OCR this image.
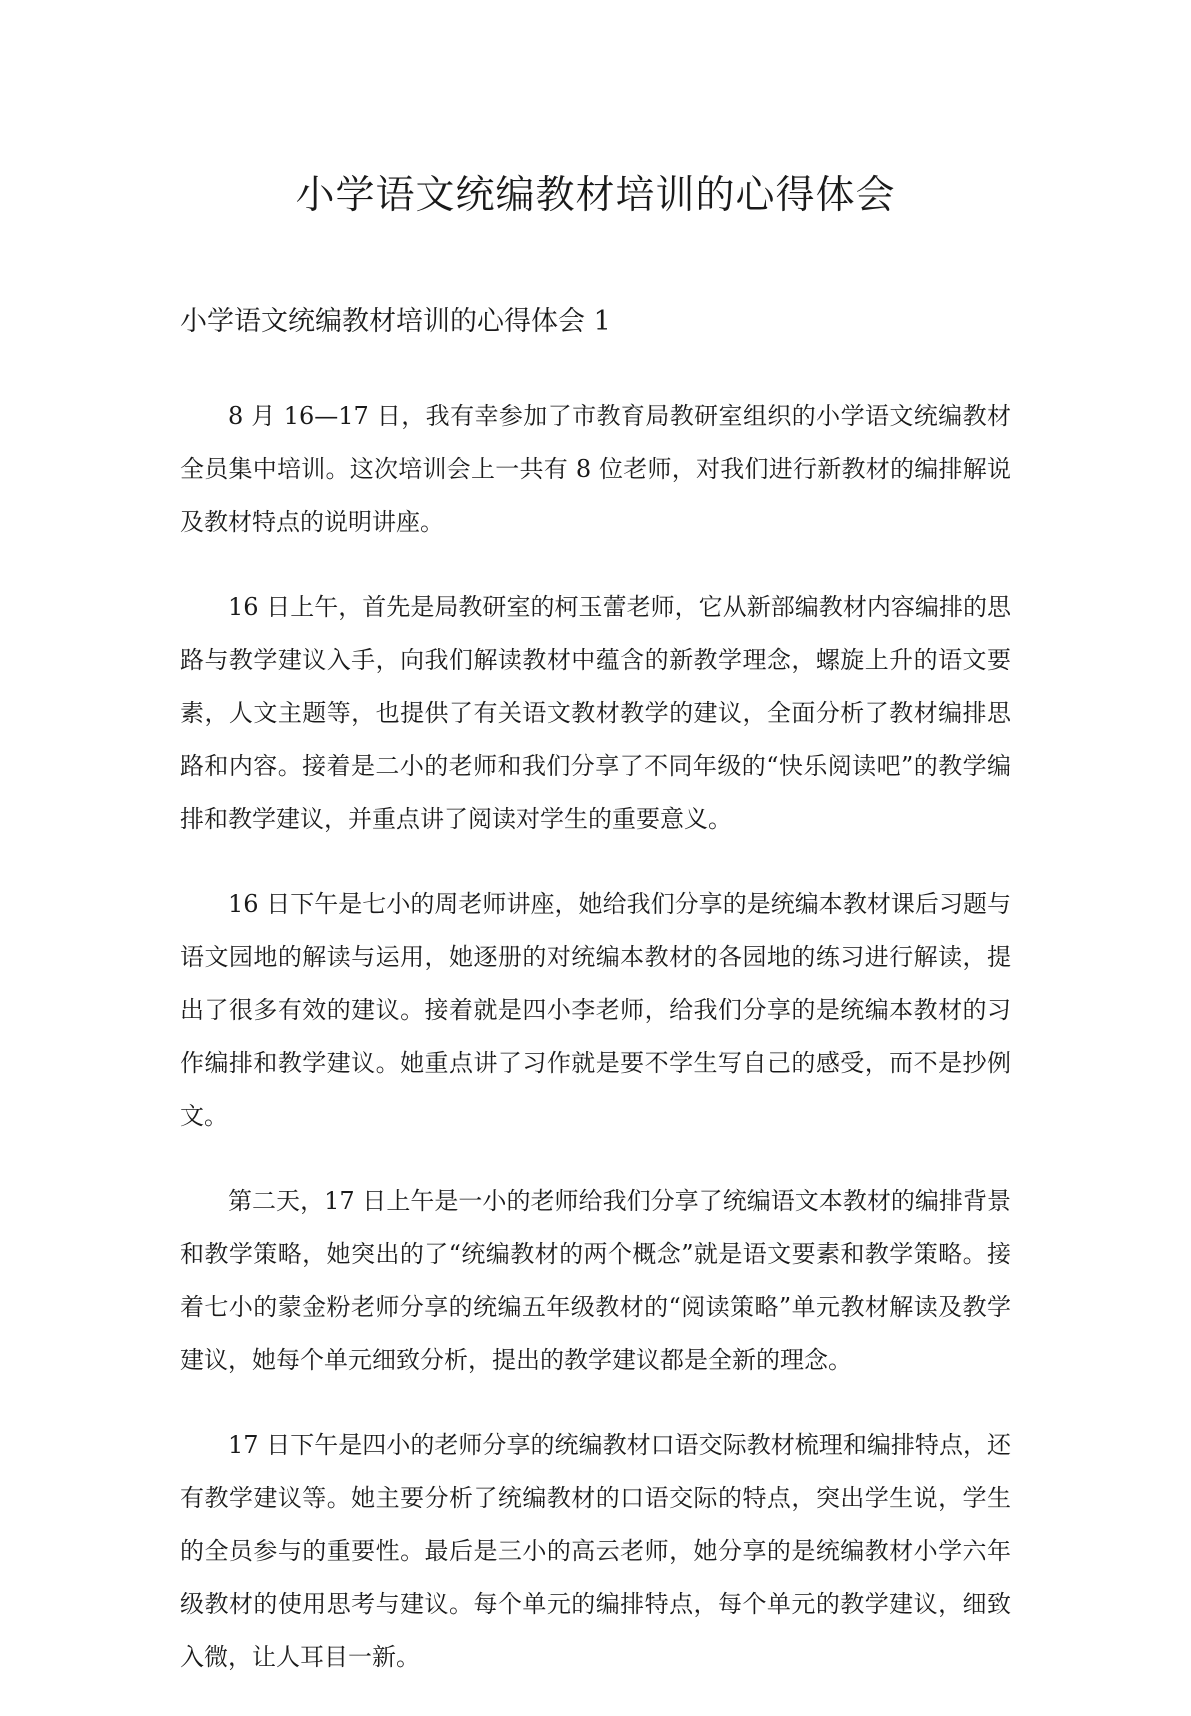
小学语文统编教材培训的心得体会
小学语文统编教材培训的心得体会 1

8 月 16—17 日，我有幸参加了市教育局教研室组织的小学语文统编教材全员集中培训。这次培训会上一共有 8 位老师，对我们进行新教材的编排解说及教材特点的说明讲座。

16 日上午，首先是局教研室的柯玉蕾老师，它从新部编教材内容编排的思路与教学建议入手，向我们解读教材中蕴含的新教学理念，螺旋上升的语文要素，人文主题等，也提供了有关语文教材教学的建议，全面分析了教材编排思路和内容。接着是二小的老师和我们分享了不同年级的“快乐阅读吧”的教学编排和教学建议，并重点讲了阅读对学生的重要意义。

16 日下午是七小的周老师讲座，她给我们分享的是统编本教材课后习题与语文园地的解读与运用，她逐册的对统编本教材的各园地的练习进行解读，提出了很多有效的建议。接着就是四小李老师，给我们分享的是统编本教材的习作编排和教学建议。她重点讲了习作就是要不学生写自己的感受，而不是抄例文。

第二天，17 日上午是一小的老师给我们分享了统编语文本教材的编排背景和教学策略，她突出的了“统编教材的两个概念”就是语文要素和教学策略。接着七小的蒙金粉老师分享的统编五年级教材的“阅读策略”单元教材解读及教学建议，她每个单元细致分析，提出的教学建议都是全新的理念。

17 日下午是四小的老师分享的统编教材口语交际教材梳理和编排特点，还有教学建议等。她主要分析了统编教材的口语交际的特点，突出学生说，学生的全员参与的重要性。最后是三小的高云老师，她分享的是统编教材小学六年级教材的使用思考与建议。每个单元的编排特点，每个单元的教学建议，细致入微，让人耳目一新。
